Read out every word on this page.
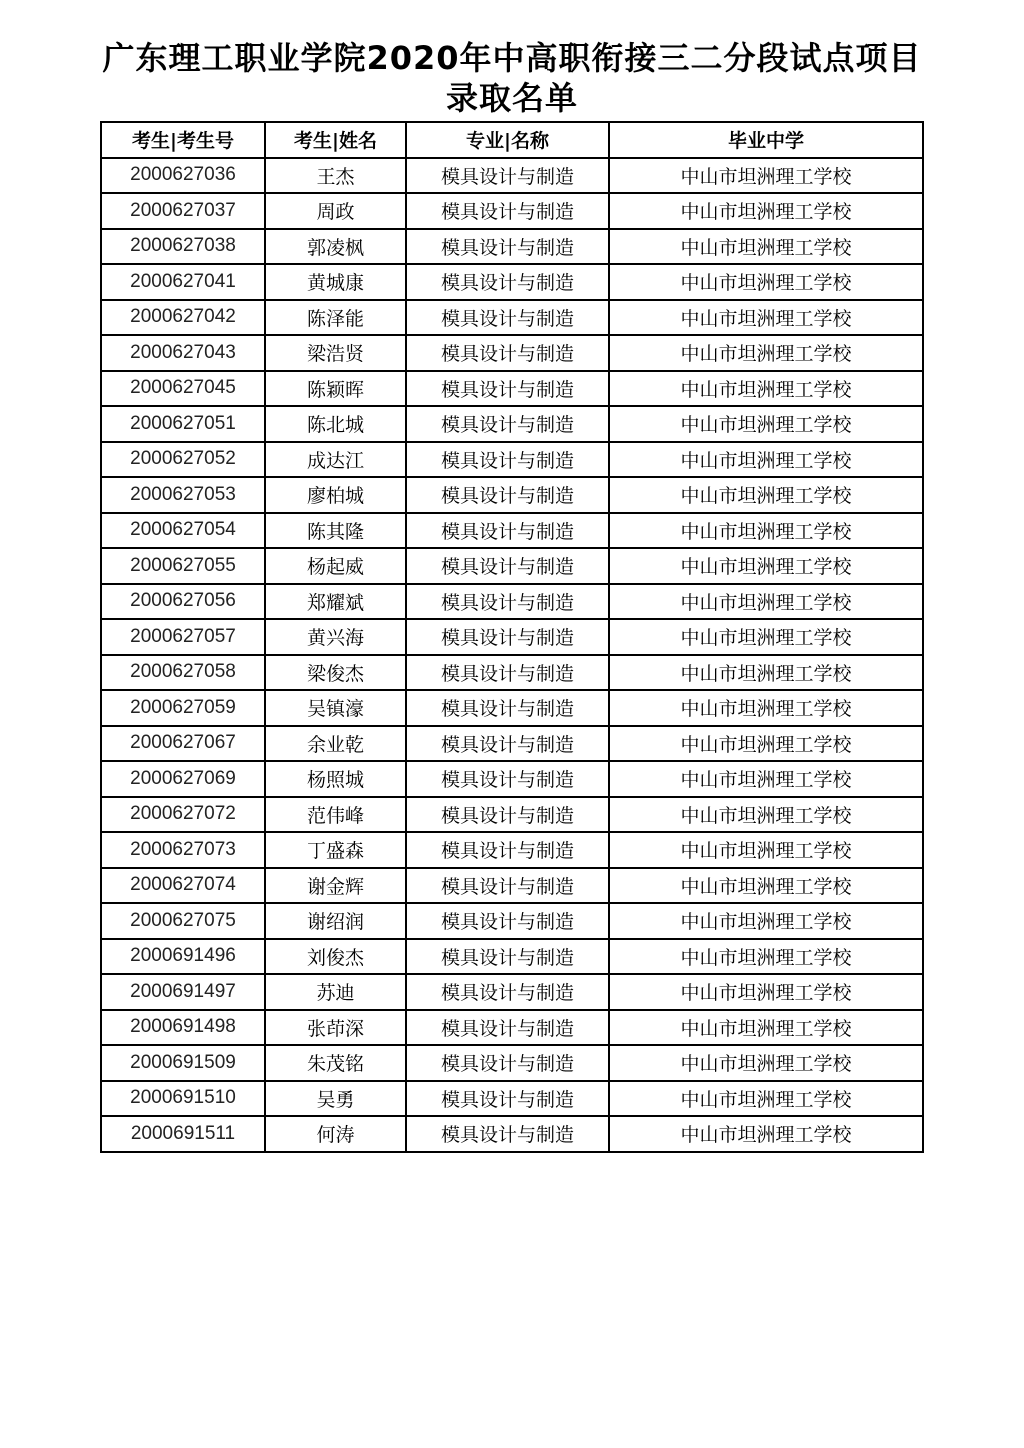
广东理工职业学院2020年中高职衔接三二分段试点项目
录取名单
考生|考生号	考生|姓名	专业|名称	毕业中学
2000627036	王杰	模具设计与制造	中山市坦洲理工学校
2000627037	周政	模具设计与制造	中山市坦洲理工学校
2000627038	郭凌枫	模具设计与制造	中山市坦洲理工学校
2000627041	黄城康	模具设计与制造	中山市坦洲理工学校
2000627042	陈泽能	模具设计与制造	中山市坦洲理工学校
2000627043	梁浩贤	模具设计与制造	中山市坦洲理工学校
2000627045	陈颖晖	模具设计与制造	中山市坦洲理工学校
2000627051	陈北城	模具设计与制造	中山市坦洲理工学校
2000627052	成达江	模具设计与制造	中山市坦洲理工学校
2000627053	廖柏城	模具设计与制造	中山市坦洲理工学校
2000627054	陈其隆	模具设计与制造	中山市坦洲理工学校
2000627055	杨起威	模具设计与制造	中山市坦洲理工学校
2000627056	郑耀斌	模具设计与制造	中山市坦洲理工学校
2000627057	黄兴海	模具设计与制造	中山市坦洲理工学校
2000627058	梁俊杰	模具设计与制造	中山市坦洲理工学校
2000627059	吴镇濠	模具设计与制造	中山市坦洲理工学校
2000627067	余业乾	模具设计与制造	中山市坦洲理工学校
2000627069	杨照城	模具设计与制造	中山市坦洲理工学校
2000627072	范伟峰	模具设计与制造	中山市坦洲理工学校
2000627073	丁盛森	模具设计与制造	中山市坦洲理工学校
2000627074	谢金辉	模具设计与制造	中山市坦洲理工学校
2000627075	谢绍润	模具设计与制造	中山市坦洲理工学校
2000691496	刘俊杰	模具设计与制造	中山市坦洲理工学校
2000691497	苏迪	模具设计与制造	中山市坦洲理工学校
2000691498	张茚深	模具设计与制造	中山市坦洲理工学校
2000691509	朱茂铭	模具设计与制造	中山市坦洲理工学校
2000691510	吴勇	模具设计与制造	中山市坦洲理工学校
2000691511	何涛	模具设计与制造	中山市坦洲理工学校
